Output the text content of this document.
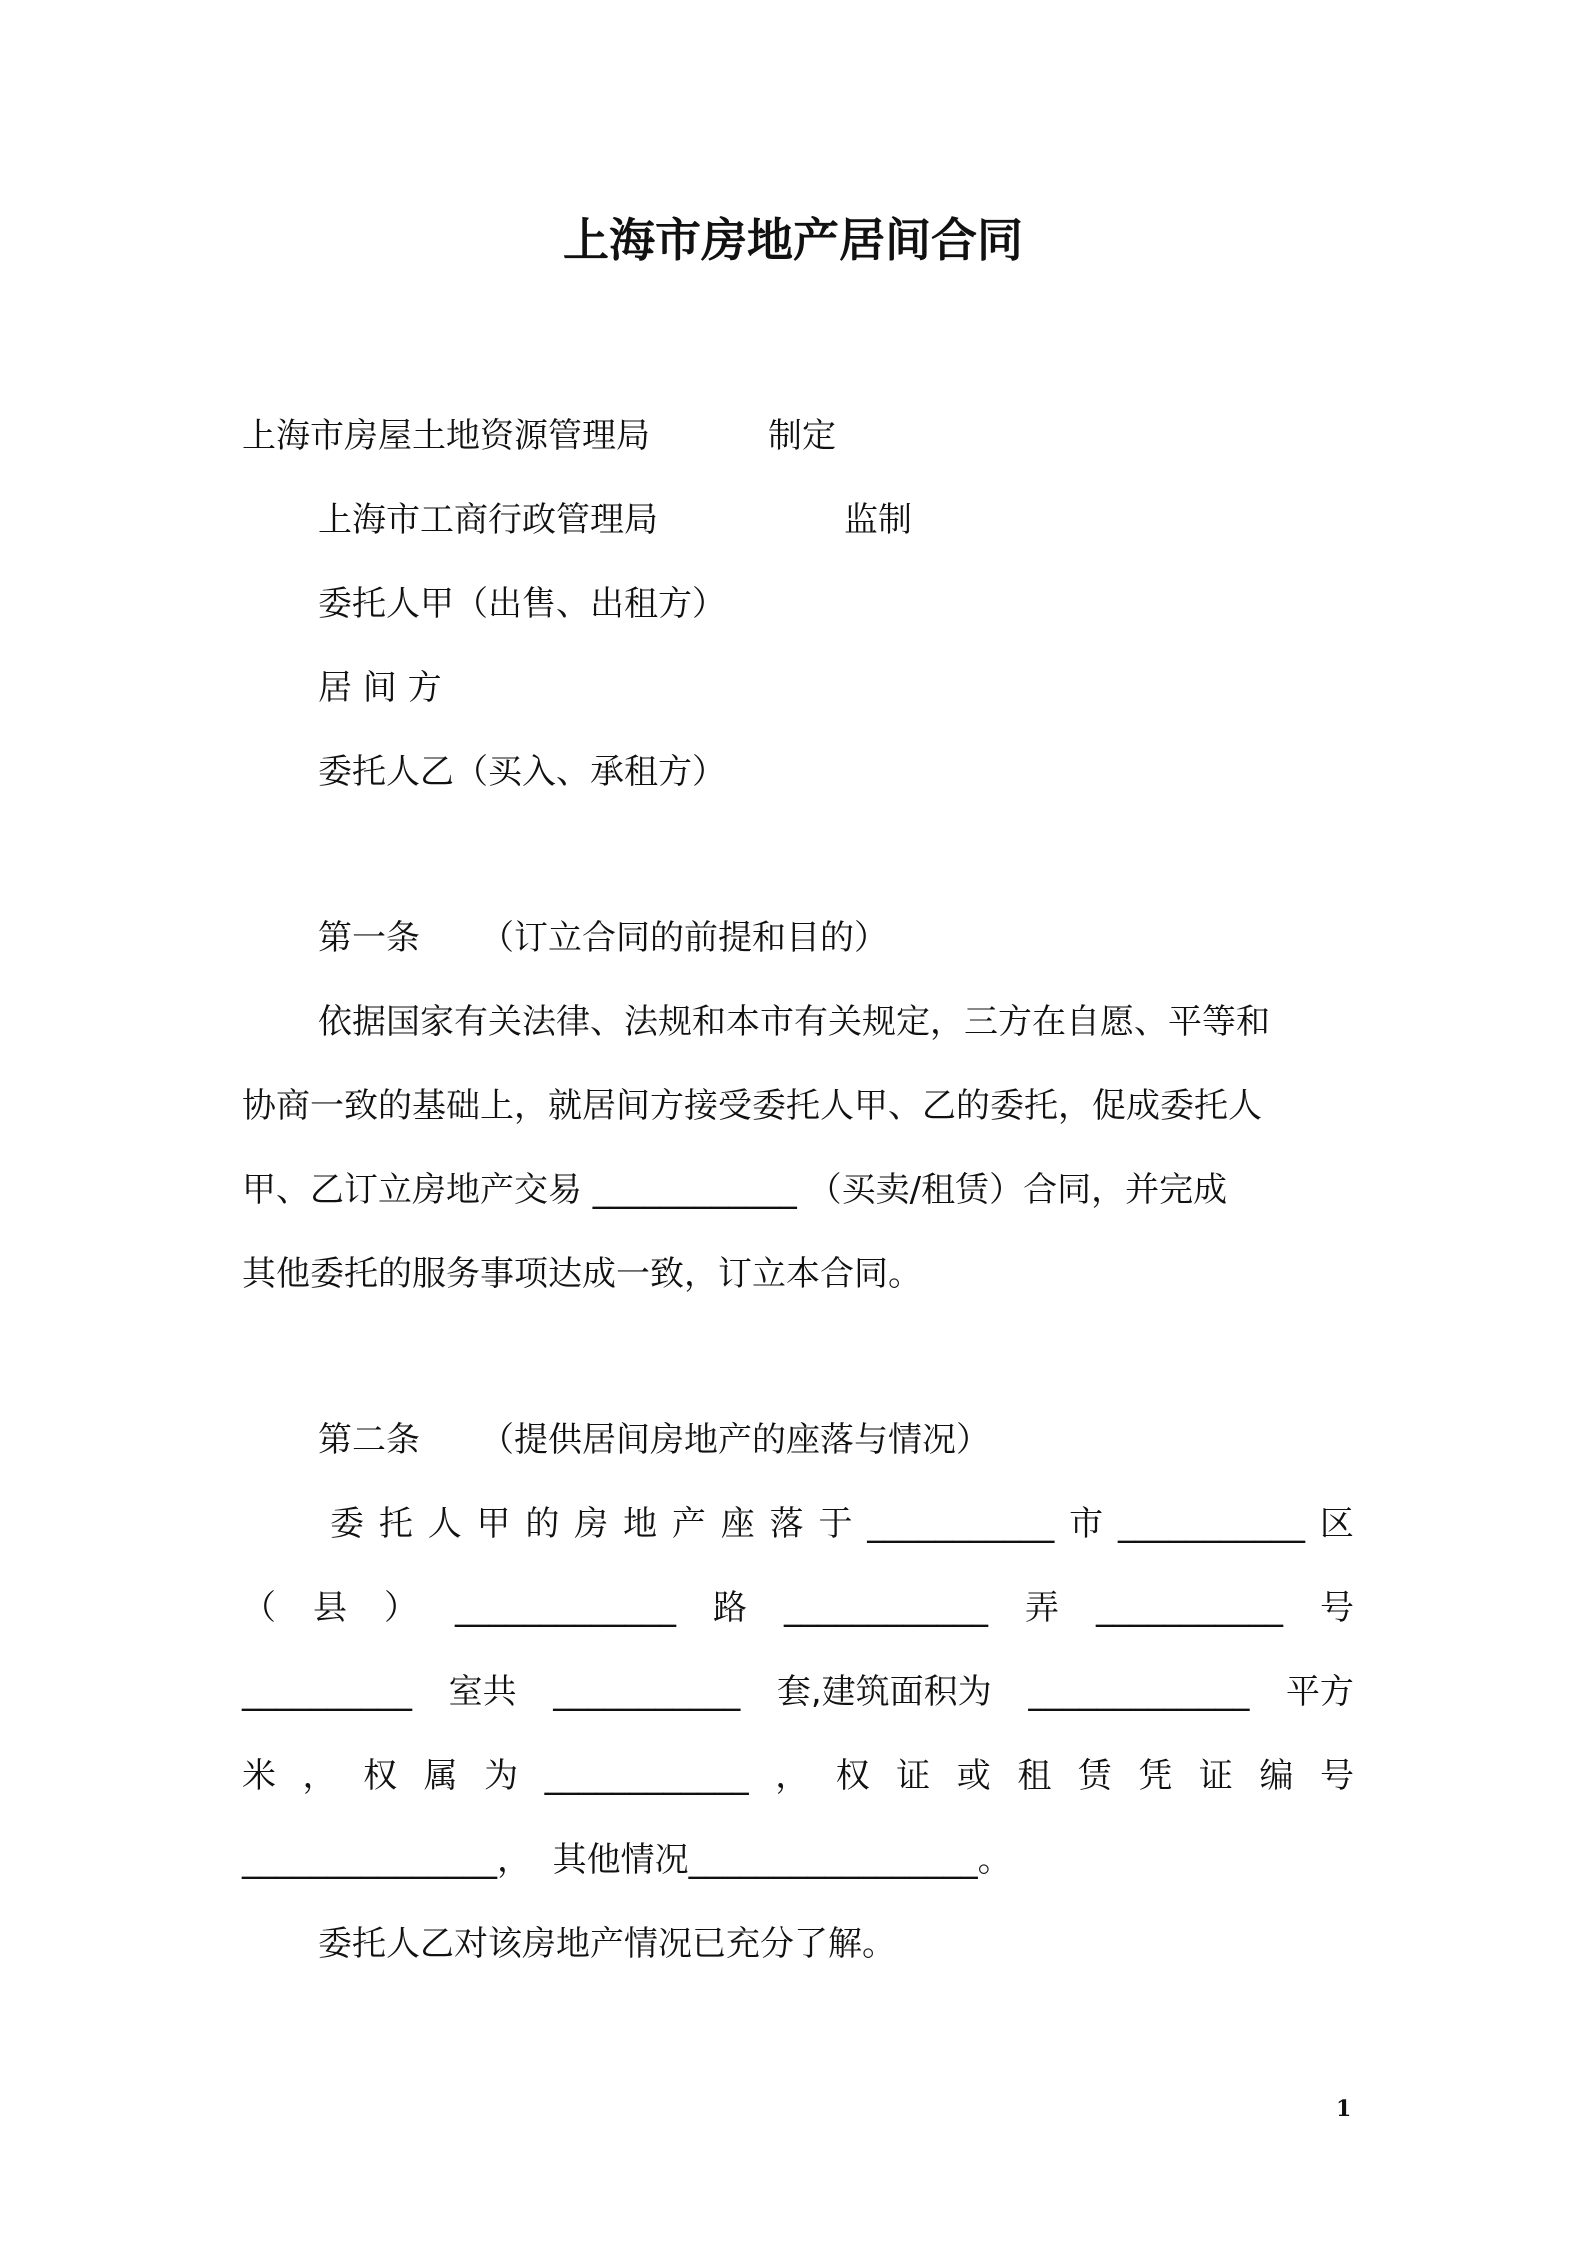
上海市房地产居间合同
上海市房屋土地资源管理局	制定
上海市工商行政管理局	监制
委托人甲（出售、出租方）
居 间 方
委托人乙（买入、承租方）
第一条 （订立合同的前提和目的）
依据国家有关法律、法规和本市有关规定，三方在自愿、平等和
协商一致的基础上，就居间方接受委托人甲、乙的委托，促成委托人
甲、乙订立房地产交易 ____________ （买卖/租赁）合同，并完成
其他委托的服务事项达成一致，订立本合同。
第二条 （提供居间房地产的座落与情况）
委 托 人 甲 的 房 地 产 座 落 于 ___________ 市 ___________ 区
（ 县 ） _____________ 路 ____________ 弄 ___________ 号
__________ 室共 ___________ 套,建筑面积为 _____________ 平方
米 ， 权 属 为 ____________ ， 权 证 或 租 赁 凭 证 编 号
_______________，  其他情况_________________。
委托人乙对该房地产情况已充分了解。
1
